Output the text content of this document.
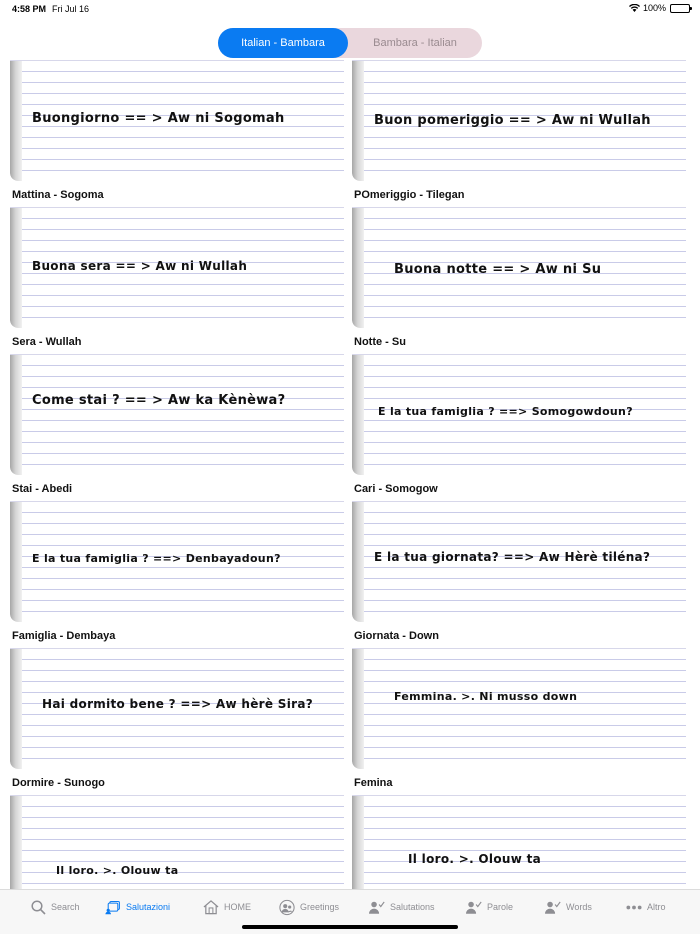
4:58 PM Fri Jul 16	100%
Italian - Bambara	Bambara - Italian
Buongiorno == > Aw ni Sogomah
Mattina - Sogoma
Buon pomeriggio == > Aw ni Wullah
POmeriggio - Tilegan
Buona sera == > Aw ni Wullah
Sera - Wullah
Buona notte == > Aw ni Su
Notte - Su
Come stai ? == > Aw ka Kènèwa?
Stai - Abedi
E la tua famiglia ? ==> Somogowdoun?
Cari - Somogow
E la tua famiglia ? ==> Denbayadoun?
Famiglia - Dembaya
E la tua giornata? ==> Aw Hèrè tiléna?
Giornata - Down
Hai dormito bene ? ==> Aw hèrè Sira?
Dormire - Sunogo
Femmina. >. Ni musso down
Femina
Il loro. >. Olouw ta
Il loro. >. Olouw ta
Search	Salutazioni	HOME	Greetings	Salutations	Parole	Words	Altro
